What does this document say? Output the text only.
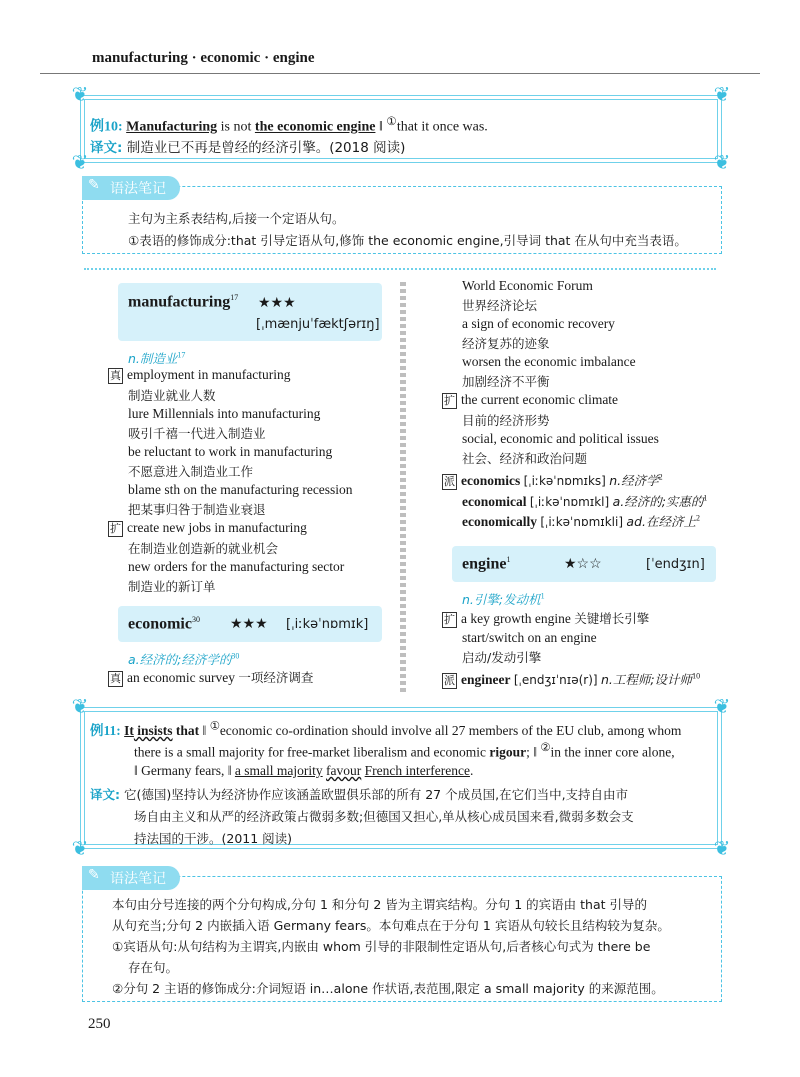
manufacturing · economic · engine
❦	❦
❦	❦
例10: Manufacturing is not the economic engine ‖ ①that it once was.
译文: 制造业已不再是曾经的经济引擎。(2018 阅读)
语法笔记
✎
主句为主系表结构,后接一个定语从句。
①表语的修饰成分:that 引导定语从句,修饰 the economic engine,引导词 that 在从句中充当表语。
manufacturing$^{17}$ ★★★
[ˌmænjuˈfæktʃərɪŋ]
n.制造业$^{17}$
真 employment in manufacturing
制造业就业人数
lure Millennials into manufacturing
吸引千禧一代进入制造业
be reluctant to work in manufacturing
不愿意进入制造业工作
blame sth on the manufacturing recession
把某事归咎于制造业衰退
扩 create new jobs in manufacturing
在制造业创造新的就业机会
new orders for the manufacturing sector
制造业的新订单
economic$^{30}$ ★★★ [ˌiːkəˈnɒmɪk]
a.经济的;经济学的$^{30}$
真 an economic survey 一项经济调查
World Economic Forum
世界经济论坛
a sign of economic recovery
经济复苏的迹象
worsen the economic imbalance
加剧经济不平衡
扩 the current economic climate
目前的经济形势
social, economic and political issues
社会、经济和政治问题
派 economics [ˌiːkəˈnɒmɪks] n.经济学$^2$
economical [ˌiːkəˈnɒmɪkl] a.经济的;实惠的$^1$
economically [ˌiːkəˈnɒmɪkli] ad.在经济上$^2$
engine$^1$	★☆☆	[ˈendʒɪn]
n.引擎;发动机$^1$
扩 a key growth engine 关键增长引擎
start/switch on an engine
启动/发动引擎
派 engineer [ˌendʒɪˈnɪə(r)] n.工程师;设计师$^{10}$
❦	❦
❦	❦
例11: It insists that ‖ ①economic co-ordination should involve all 27 members of the EU club, among whom
there is a small majority for free-market liberalism and economic rigour; ‖ ②in the inner core alone,
‖ Germany fears, ‖ a small majority favour French interference.
译文: 它(德国)坚持认为经济协作应该涵盖欧盟俱乐部的所有 27 个成员国,在它们当中,支持自由市
场自由主义和从严的经济政策占微弱多数;但德国又担心,单从核心成员国来看,微弱多数会支
持法国的干涉。(2011 阅读)
语法笔记
✎
本句由分号连接的两个分句构成,分句 1 和分句 2 皆为主谓宾结构。分句 1 的宾语由 that 引导的
从句充当;分句 2 内嵌插入语 Germany fears。本句难点在于分句 1 宾语从句较长且结构较为复杂。
①宾语从句:从句结构为主谓宾,内嵌由 whom 引导的非限制性定语从句,后者核心句式为 there be
存在句。
②分句 2 主语的修饰成分:介词短语 in…alone 作状语,表范围,限定 a small majority 的来源范围。
250
